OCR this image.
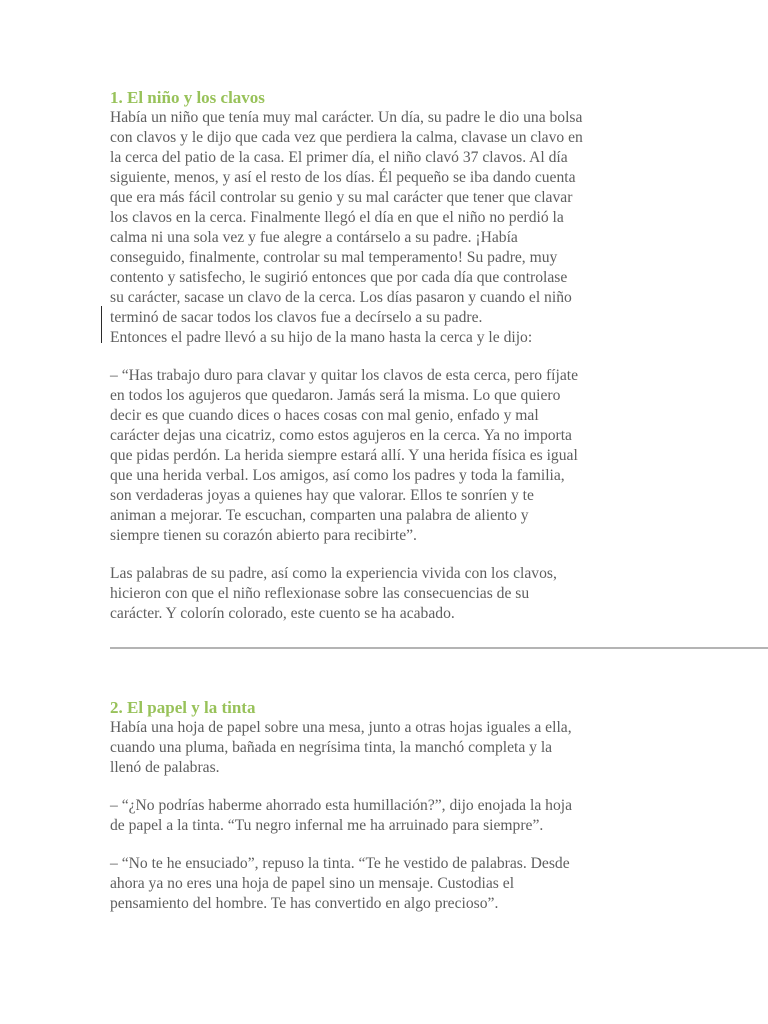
1. El niño y los clavos

Había un niño que tenía muy mal carácter. Un día, su padre le dio una bolsa
con clavos y le dijo que cada vez que perdiera la calma, clavase un clavo en
la cerca del patio de la casa. El primer día, el niño clavó 37 clavos. Al día
siguiente, menos, y así el resto de los días. Él pequeño se iba dando cuenta
que era más fácil controlar su genio y su mal carácter que tener que clavar
los clavos en la cerca. Finalmente llegó el día en que el niño no perdió la
calma ni una sola vez y fue alegre a contárselo a su padre. ¡Había
conseguido, finalmente, controlar su mal temperamento! Su padre, muy
contento y satisfecho, le sugirió entonces que por cada día que controlase
su carácter, sacase un clavo de la cerca. Los días pasaron y cuando el niño
terminó de sacar todos los clavos fue a decírselo a su padre.
Entonces el padre llevó a su hijo de la mano hasta la cerca y le dijo:

– “Has trabajo duro para clavar y quitar los clavos de esta cerca, pero fíjate
en todos los agujeros que quedaron. Jamás será la misma. Lo que quiero
decir es que cuando dices o haces cosas con mal genio, enfado y mal
carácter dejas una cicatriz, como estos agujeros en la cerca. Ya no importa
que pidas perdón. La herida siempre estará allí. Y una herida física es igual
que una herida verbal. Los amigos, así como los padres y toda la familia,
son verdaderas joyas a quienes hay que valorar. Ellos te sonríen y te
animan a mejorar. Te escuchan, comparten una palabra de aliento y
siempre tienen su corazón abierto para recibirte”.

Las palabras de su padre, así como la experiencia vivida con los clavos,
hicieron con que el niño reflexionase sobre las consecuencias de su
carácter. Y colorín colorado, este cuento se ha acabado.

2. El papel y la tinta

Había una hoja de papel sobre una mesa, junto a otras hojas iguales a ella,
cuando una pluma, bañada en negrísima tinta, la manchó completa y la
llenó de palabras.

– “¿No podrías haberme ahorrado esta humillación?”, dijo enojada la hoja
de papel a la tinta. “Tu negro infernal me ha arruinado para siempre”.

– “No te he ensuciado”, repuso la tinta. “Te he vestido de palabras. Desde
ahora ya no eres una hoja de papel sino un mensaje. Custodias el
pensamiento del hombre. Te has convertido en algo precioso”.
